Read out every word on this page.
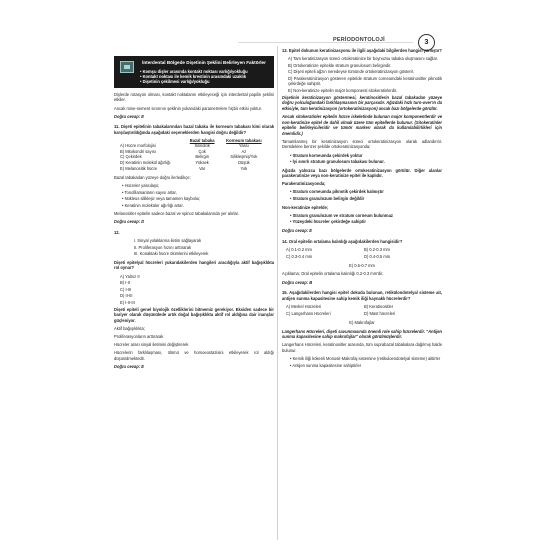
PERİODONTOLOJİ	3
İnterdental Bölgede Dişetinin Şeklini Belirleyen Faktörler
• Komşu dişler arasında kontakt noktası varlığı/yokluğu
• Kontakt noktası ile kemik krestinin arasındaki uzaklık
• Dişetinin çekilmesi varlığı/yokluğu

Dişlerde rotasyon olması, kontakt noktalarını etkileyeceği için interdental papilin şeklini etkiler.

Ancak mine-sement sınırının şeklinin yukarıdaki parametrelere hiçbir etkisi yoktur.

Doğru cevap: E

11. Dişeti epitelinin tabakalarından bazal tabaka ile korneum tabakası kimi olarak karşılaştırıldığında aşağıdaki seçeneklerden hangisi doğru değildir?

	Bazal tabaka	Korneum tabakası
A) Hücre morfolojisi	Silindirik	Yassı
B) Mitokondri sayısı	Çok	Az
C) Çekirdek	Belirgin	Silikleşmiş/Yok
D) Keratinin molekül ağırlığı	Yüksek	Düşük
E) Melanositik hücre	Var	Yok

Bazal tabakadan yüzeye doğru ilerledikçe;

• Hücreler yassılaşır,
• Tonofilamanların sayısı artar,
• Nükleus silikleşir veya tamamen kaybolur,
• Keratinin moleküler ağırlığı artar.

Melanositler epitelin sadece bazal ve spinoz tabakalarında yer alırlar.

Doğru cevap: D

12.

I. Sinyal yolaklarına iletim sağlayarak
II. Proliferasyon hızını arttırarak
III. Konaktaki hücre ölümlerini etkileyerek

Dişeti epitelyal hücreleri yukarıdakilerden hangileri aracılığıyla aktif bağışıklıkta rol oynar?

A) Yalnız II

B) I-II

C) I-III

D) II-III

E) I-II-III

Dişeti epiteli genel biyolojik özelliklerini bitmemiz gerekiyor. Eksiden sadece bir bariyer olarak düşünülede artık doğal bağışıklıkta aktif rol aldığına dair inançlar güçleniyor.

Aktif bağışıklıkta;

Proliferasyonların arttırarak

Hücreler arası sinyal iletimini değiştirerek

Hücrelerin farklılaşması, ölümü ve homoeostazisini etkileyerek rol aldığı düşünülmektedir.

Doğru cevap: E

13. Epitel dokunun keratinizasyonu ile ilgili aşağıdaki bilgilerden hangisi yanlıştır?

A) Tam keratinizasyon süreci ortokeratinize bir boynuzsu tabaka oluşmasını sağlar.

B) Ortokeratinize epitelde stratum granulosum belirgindir.

C) Dişeti epiteli ağzın neredeyse tümünde ortokeratinizasyon gösterir.

D) Parakeratinizasyon gösteren epitelde stratum corneumdaki keratinositler piknotik çekirdeğe sahiptir.

E) Non-keratinize epitelin majör komponenti sitokeratinlerdir.

Dişetinin keratinizasyon göstermesi, keratinositlerin bazal tabakadan yüzeye doğru yolculuğundaki farklılaşmasının bir parçasıdır. Ağızdaki hızlı turn-over'ın da etkisiyle, tam keratinizasyon (ortokeratinizasyon) ancak bazı bölgelerde görülür.

Ancak sitokeratinler epitelin hücre iskeletinde bulunan majör komponentlerdir ve non-keratinize epitel de dahil olmak üzere tüm epitellerde bulunur. (Sitokeratinler epitelin belirleyicileridir ve tümör markerı olarak da kullanılabilirlikleri için önemlidir.)

Tamamlanmış bir keratinizasyon süreci ortokeratinizasyon olarak adlandırılır. Dentdekine benzer şekilde ortokeratinizasyonda;

• Stratum korneumda çekirdek yoktur
• İyi sınırlı stratum granulosum tabakası bulunur.

Ağızda yalnızca bazı bölgelerde ortokeratinizasyon görülür. Diğer alanlar parakeratinize veya non-keratinize epitel ile kaplıdır.

Parakeratinizasyonda;

• Stratum corneumda piknotik çekirdek kalmıştır
• Stratum granulozum belirgin değildir

Non-keratinize epitelde;

• Stratum granulozum ve stratum corneum bulunmaz
• Yüzeydeki hücreler çekirdeğe sahiptir

Doğru cevap: E

14. Oral epitelin ortalama kalınlığı aşağıdakilerden hangisidir?

A) 0.1-0.2 mm	B) 0.2-0.3 mm
C) 0.3-0.4 mm	D) 0.4-0.5 mm

E) 0.6-0.7 mm

Açıklama; Oral epitelin ortalama kalınlığı 0.2-0.3 mm'dir.

Doğru cevap: B

15. Aşağıdakilerden hangisi epitel dokuda bulunan, retikülondotelyal sisteme ait, antijen sunma kapasitesine sahip kemik iliği kaynaklı hücrelerdir?

A) Merkel Hücreleri	B) Keratinositler
C) Langerhans Hücreleri	D) Mast hücreleri

E) Makrofajlar

Langerhans Hücreleri, dişeti savunmasında önemli role sahip hücrelerdir. "Antijen sunma kapasitesine sahip makrofajlar" olarak görülmüşlerdir.

Langerhans Hücreleri, keratinositler arasında, tüm suprabazal tabakalara dağılmış halde bulunur.

• Kemik iliği kökenli Monosit-Makrofaj sistemine (retikuloendotelyal sisteme) aittirler
• Antijen sunma kapasitesine sahiptirler
